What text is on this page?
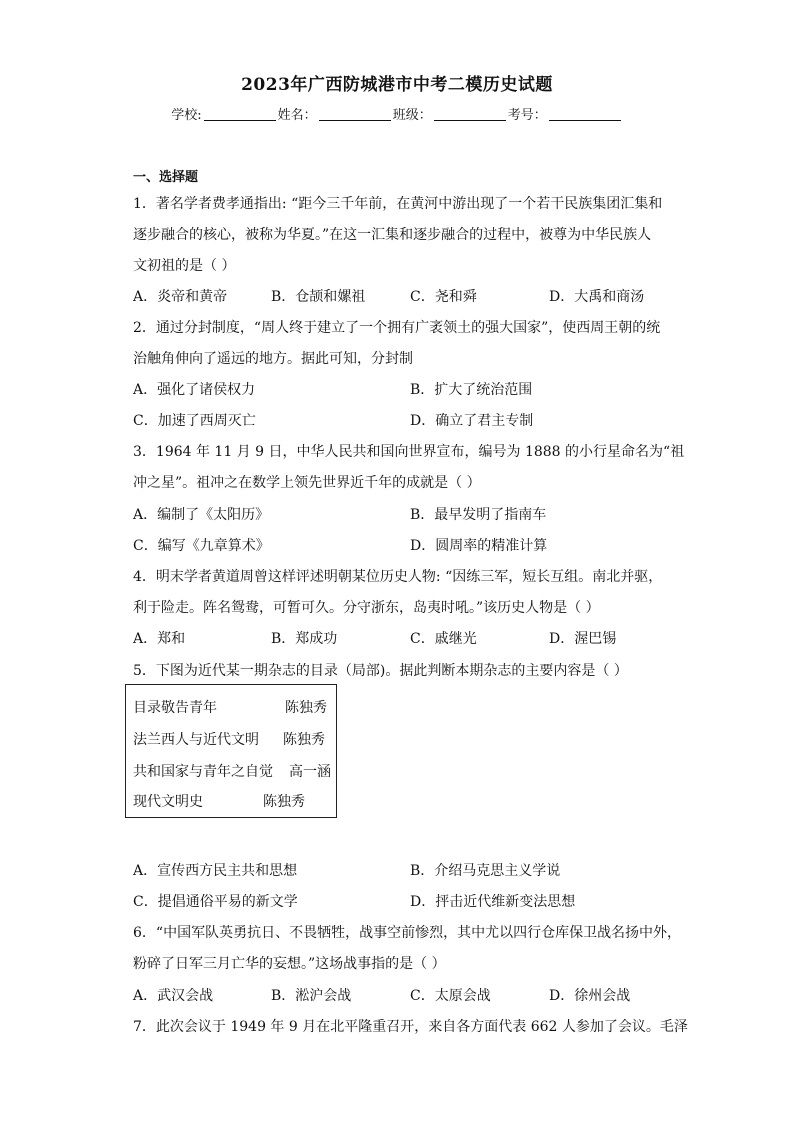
2023年广西防城港市中考二模历史试题
学校:	姓名：	班级：	考号：
一、选择题
1．著名学者费孝通指出: “距今三千年前，在黄河中游出现了一个若干民族集团汇集和
逐步融合的核心，被称为华夏。”在这一汇集和逐步融合的过程中，被尊为中华民族人
文初祖的是（ ）
A．炎帝和黄帝	B．仓颉和嫘祖	C．尧和舜	D．大禹和商汤
2．通过分封制度，“周人终于建立了一个拥有广袤领土的强大国家”，使西周王朝的统
治触角伸向了遥远的地方。据此可知，分封制
A．强化了诸侯权力	B．扩大了统治范围
C．加速了西周灭亡	D．确立了君主专制
3．1964 年 11 月 9 日，中华人民共和国向世界宣布，编号为 1888 的小行星命名为“祖
冲之星”。祖冲之在数学上领先世界近千年的成就是（ ）
A．编制了《太阳历》	B．最早发明了指南车
C．编写《九章算术》	D．圆周率的精准计算
4．明末学者黄道周曾这样评述明朝某位历史人物: “因练三军，短长互组。南北并驱，
利于险走。阵名鸳鸯，可暂可久。分守浙东，岛夷时吼。”该历史人物是（ ）
A．郑和	B．郑成功	C．戚继光	D．渥巴锡
5．下图为近代某一期杂志的目录（局部)。据此判断本期杂志的主要内容是（ ）
目录敬告青年	陈独秀
法兰西人与近代文明 陈独秀
共和国家与青年之自觉 高一涵
现代文明史	陈独秀
A．宣传西方民主共和思想	B．介绍马克思主义学说
C．提倡通俗平易的新文学	D．抨击近代维新变法思想
6．“中国军队英勇抗日、不畏牺牲，战事空前惨烈，其中尤以四行仓库保卫战名扬中外，
粉碎了日军三月亡华的妄想。”这场战事指的是（ ）
A．武汉会战	B．淞沪会战	C．太原会战	D．徐州会战
7．此次会议于 1949 年 9 月在北平隆重召开，来自各方面代表 662 人参加了会议。毛泽
